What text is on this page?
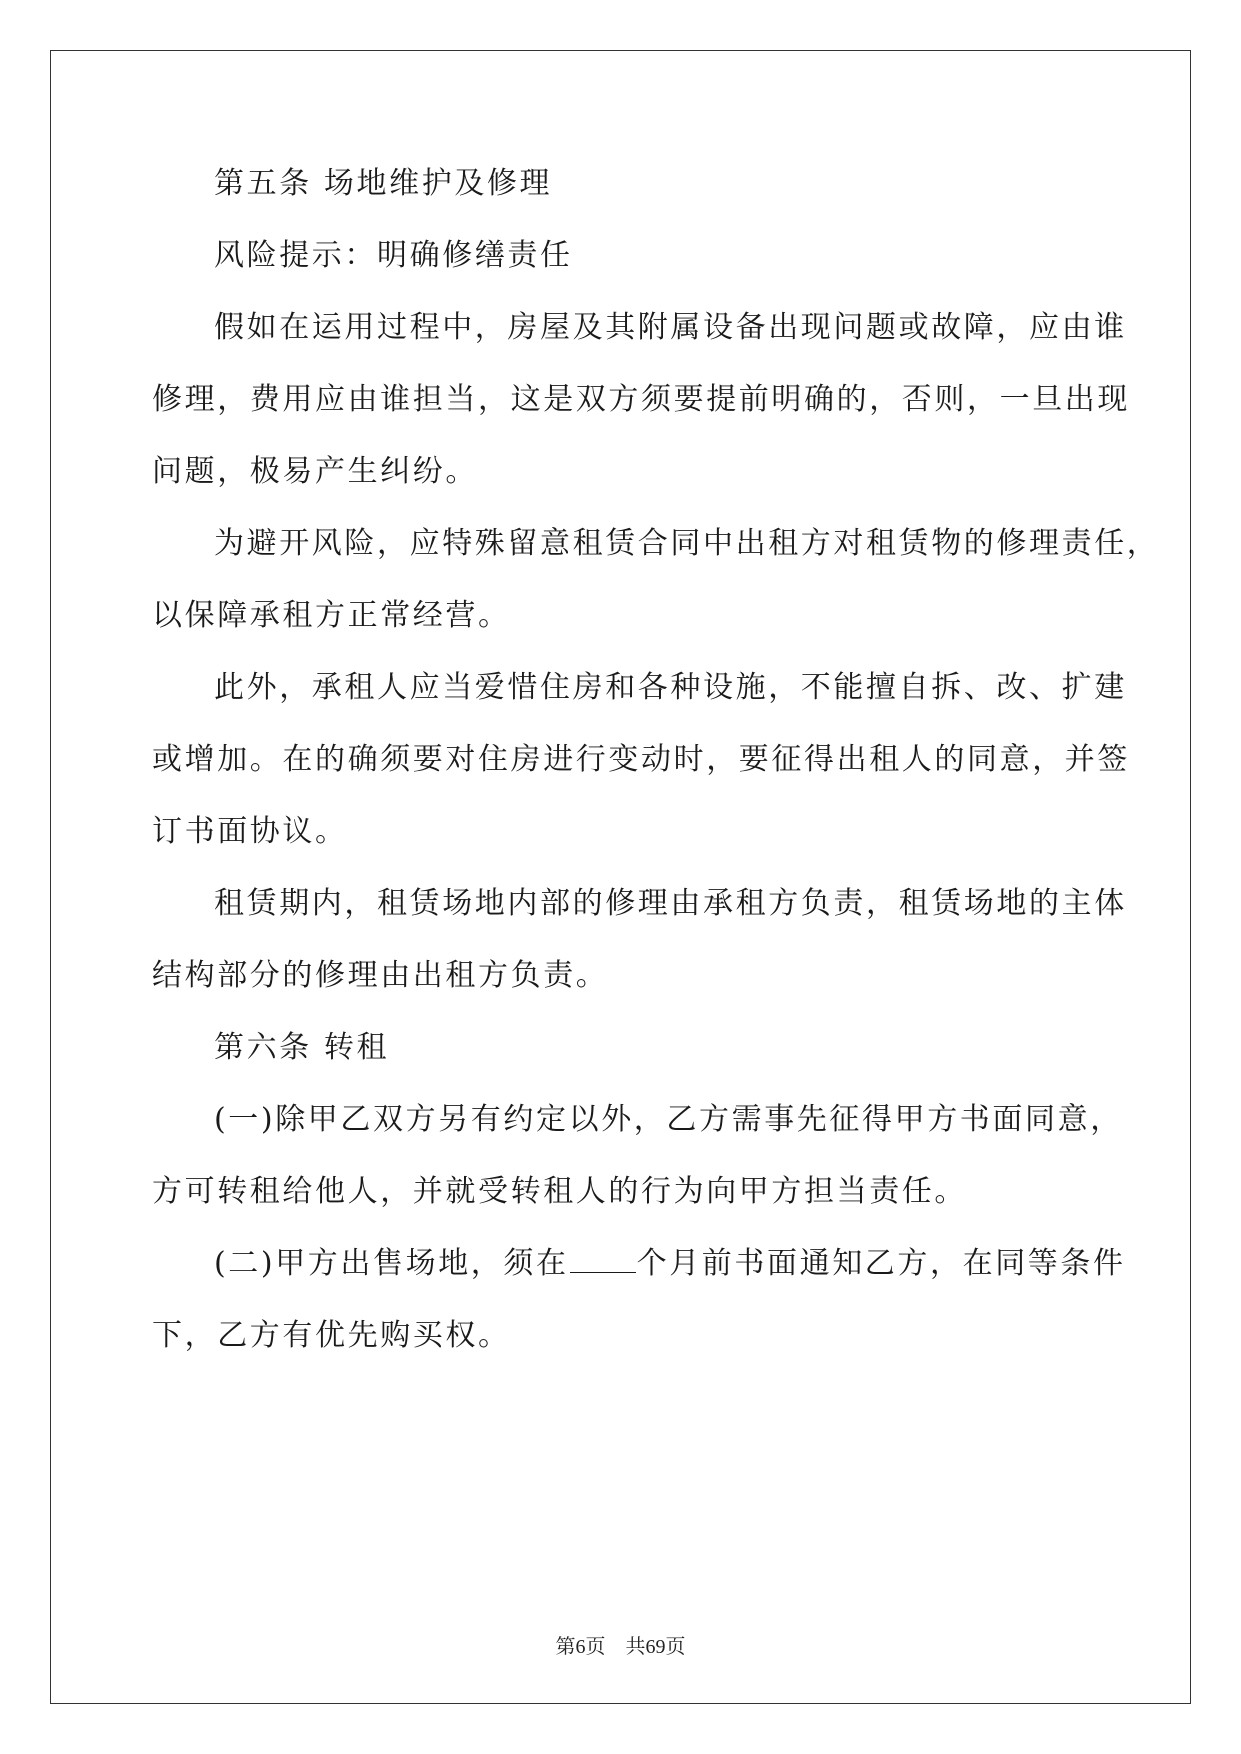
第五条 场地维护及修理
风险提示：明确修缮责任
假如在运用过程中，房屋及其附属设备出现问题或故障，应由谁
修理，费用应由谁担当，这是双方须要提前明确的，否则，一旦出现
问题，极易产生纠纷。
为避开风险，应特殊留意租赁合同中出租方对租赁物的修理责任，
以保障承租方正常经营。
此外，承租人应当爱惜住房和各种设施，不能擅自拆、改、扩建
或增加。在的确须要对住房进行变动时，要征得出租人的同意，并签
订书面协议。
租赁期内，租赁场地内部的修理由承租方负责，租赁场地的主体
结构部分的修理由出租方负责。
第六条 转租
(一)除甲乙双方另有约定以外，乙方需事先征得甲方书面同意，
方可转租给他人，并就受转租人的行为向甲方担当责任。
(二)甲方出售场地，须在 个月前书面通知乙方，在同等条件
下，乙方有优先购买权。
第6页 共69页
